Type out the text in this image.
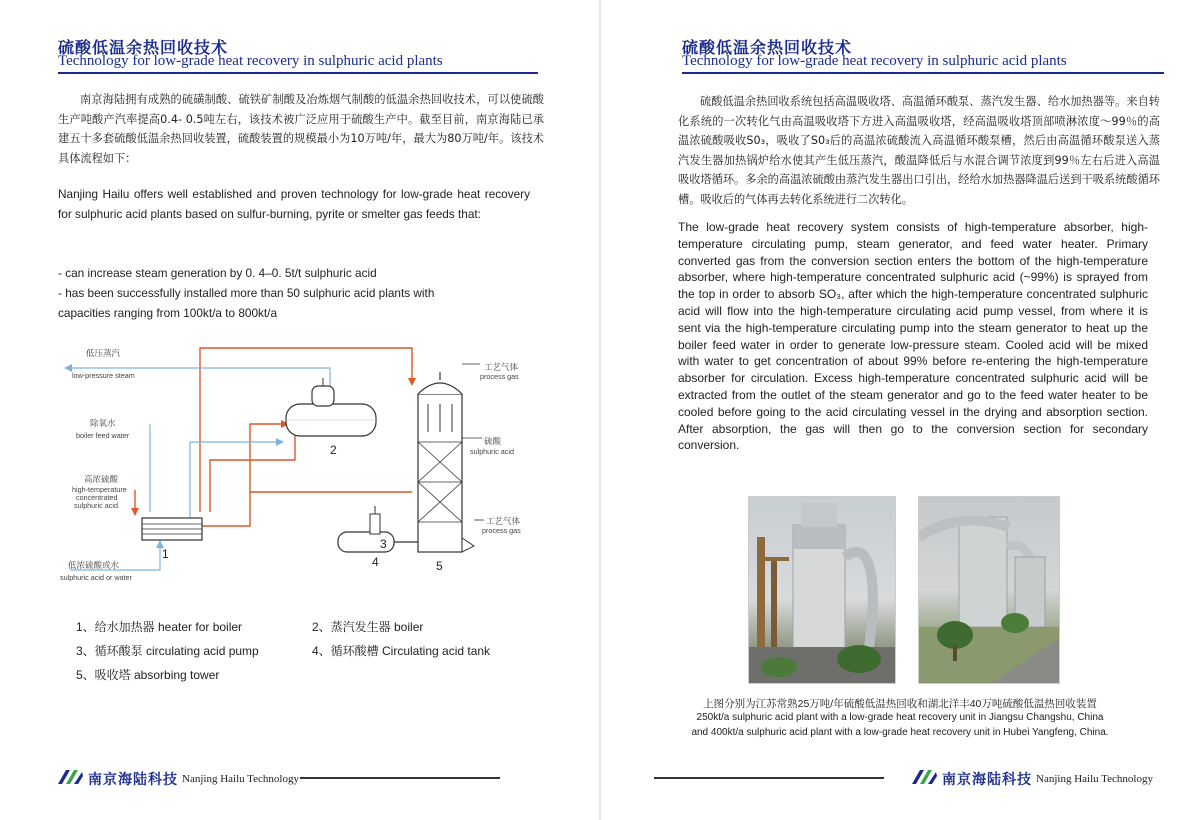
硫酸低温余热回收技术
Technology for low-grade heat recovery in sulphuric acid plants
南京海陆拥有成熟的硫磺制酸、硫铁矿制酸及冶炼烟气制酸的低温余热回收技术，可以使硫酸生产吨酸产汽率提高0.4- 0.5吨左右，该技术被广泛应用于硫酸生产中。截至目前，南京海陆已承建五十多套硫酸低温余热回收装置，硫酸装置的规模最小为10万吨/年，最大为80万吨/年。该技术具体流程如下：
Nanjing Hailu offers well established and proven technology for low-grade heat recovery for sulphuric acid plants based on sulfur-burning, pyrite or smelter gas feeds that:
- can increase steam generation by 0. 4–0. 5t/t sulphuric acid
- has been successfully installed more than 50 sulphuric acid plants with
capacities ranging from 100kt/a to 800kt/a
1
2
3
4	5
低压蒸汽
low-pressure steam
除氧水
boiler feed water
高浓硫酸
high-temperature
concentrated
sulphuric acid
低浓硫酸或水
sulphuric acid or water
工艺气体
process gas
硫酸
sulphuric acid
工艺气体
process gas
1、给水加热器 heater for boiler	2、蒸汽发生器 boiler
3、循环酸泵 circulating acid pump	4、循环酸槽 Circulating acid tank
5、吸收塔 absorbing tower
南京海陆科技 Nanjing Hailu Technology
硫酸低温余热回收技术
Technology for low-grade heat recovery in sulphuric acid plants
硫酸低温余热回收系统包括高温吸收塔、高温循环酸泵、蒸汽发生器、给水加热器等。来自转化系统的一次转化气由高温吸收塔下方进入高温吸收塔，经高温吸收塔顶部喷淋浓度～99％的高温浓硫酸吸收S0₃，吸收了S0₃后的高温浓硫酸流入高温循环酸泵槽，然后由高温循环酸泵送入蒸汽发生器加热锅炉给水使其产生低压蒸汽，酸温降低后与水混合调节浓度到99％左右后进入高温吸收塔循环。多余的高温浓硫酸由蒸汽发生器出口引出，经给水加热器降温后送到干吸系统酸循环槽。吸收后的气体再去转化系统进行二次转化。
The low-grade heat recovery system consists of high-temperature absorber, high-temperature circulating pump, steam generator, and feed water heater. Primary converted gas from the conversion section enters the bottom of the high-temperature absorber, where high-temperature concentrated sulphuric acid (~99%) is sprayed from the top in order to absorb SO₃, after which the high-temperature concentrated sulphuric acid will flow into the high-temperature circulating acid pump vessel, from where it is sent via the high-temperature circulating pump into the steam generator to heat up the boiler feed water in order to generate low-pressure steam. Cooled acid will be mixed with water to get concentration of about 99% before re-entering the high-temperature absorber for circulation. Excess high-temperature concentrated sulphuric acid will be extracted from the outlet of the steam generator and go to the feed water heater to be cooled before going to the acid circulating vessel in the drying and absorption section. After absorption, the gas will then go to the conversion section for secondary conversion.
上图分别为江苏常熟25万吨/年硫酸低温热回收和湖北洋丰40万吨硫酸低温热回收装置
250kt/a sulphuric acid plant with a low-grade heat recovery unit in Jiangsu Changshu, China
and 400kt/a sulphuric acid plant with a low-grade heat recovery unit in Hubei Yangfeng, China.
南京海陆科技 Nanjing Hailu Technology
